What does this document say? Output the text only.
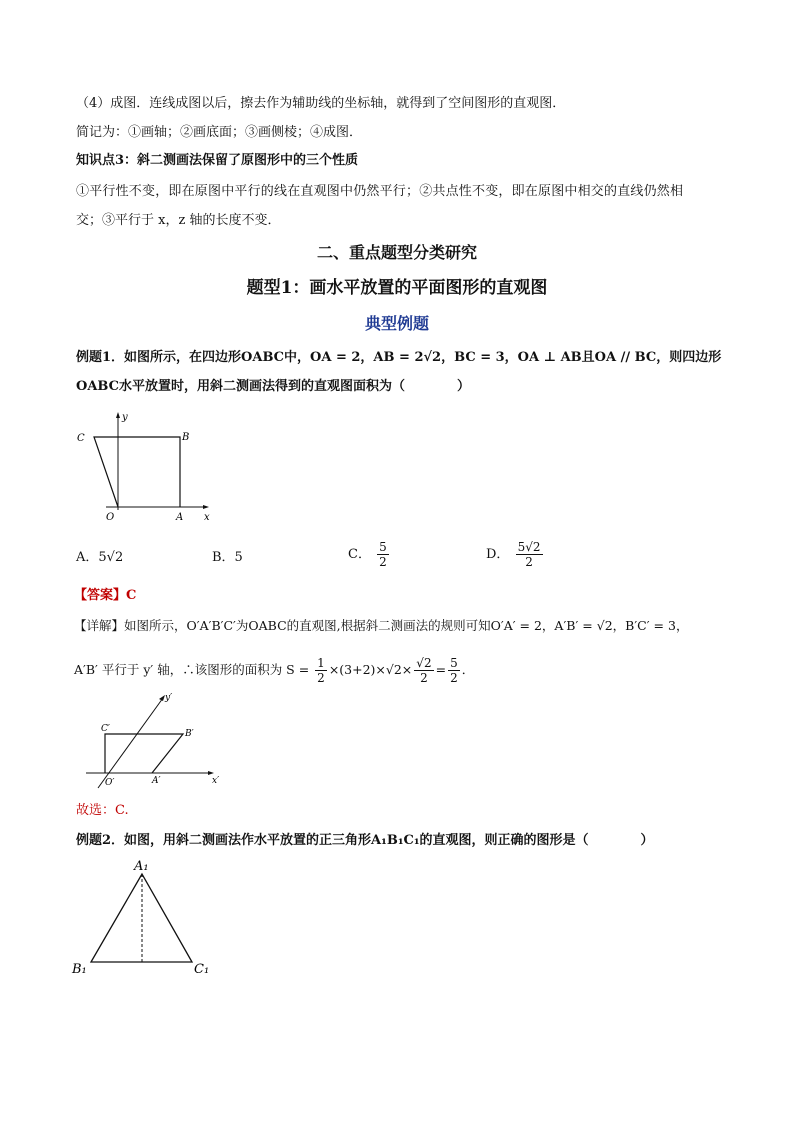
（4）成图．连线成图以后，擦去作为辅助线的坐标轴，就得到了空间图形的直观图．
简记为：①画轴；②画底面；③画侧棱；④成图．
知识点3：斜二测画法保留了原图形中的三个性质
①平行性不变，即在原图中平行的线在直观图中仍然平行；②共点性不变，即在原图中相交的直线仍然相
交；③平行于 x，z 轴的长度不变．
二、重点题型分类研究
题型1：画水平放置的平面图形的直观图
典型例题
例题1．如图所示，在四边形OABC中，OA = 2，AB = 2√2，BC = 3，OA ⊥ AB且OA // BC，则四边形
OABC水平放置时，用斜二测画法得到的直观图面积为（　　　　）
C	B
O	A x
y
A．5√2	B．5	C． $\frac{5}{2}$	D． $\frac{5√2}{2}$
【答案】C
【详解】如图所示，O′A′B′C′为OABC的直观图,根据斜二测画法的规则可知O′A′ = 2，A′B′ = √2，B′C′ = 3，
A′B′ 平行于 y′ 轴，∴该图形的面积为 $S = \frac{1}{2} \times(3+2)\times√2\times \frac{√2}{2} = \frac{5}{2}$ ．
C′	B′
O′	A′	x′
y′
故选：C.
例题2．如图，用斜二测画法作水平放置的正三角形A₁B₁C₁的直观图，则正确的图形是（　　　　）
A₁
B₁	C₁
